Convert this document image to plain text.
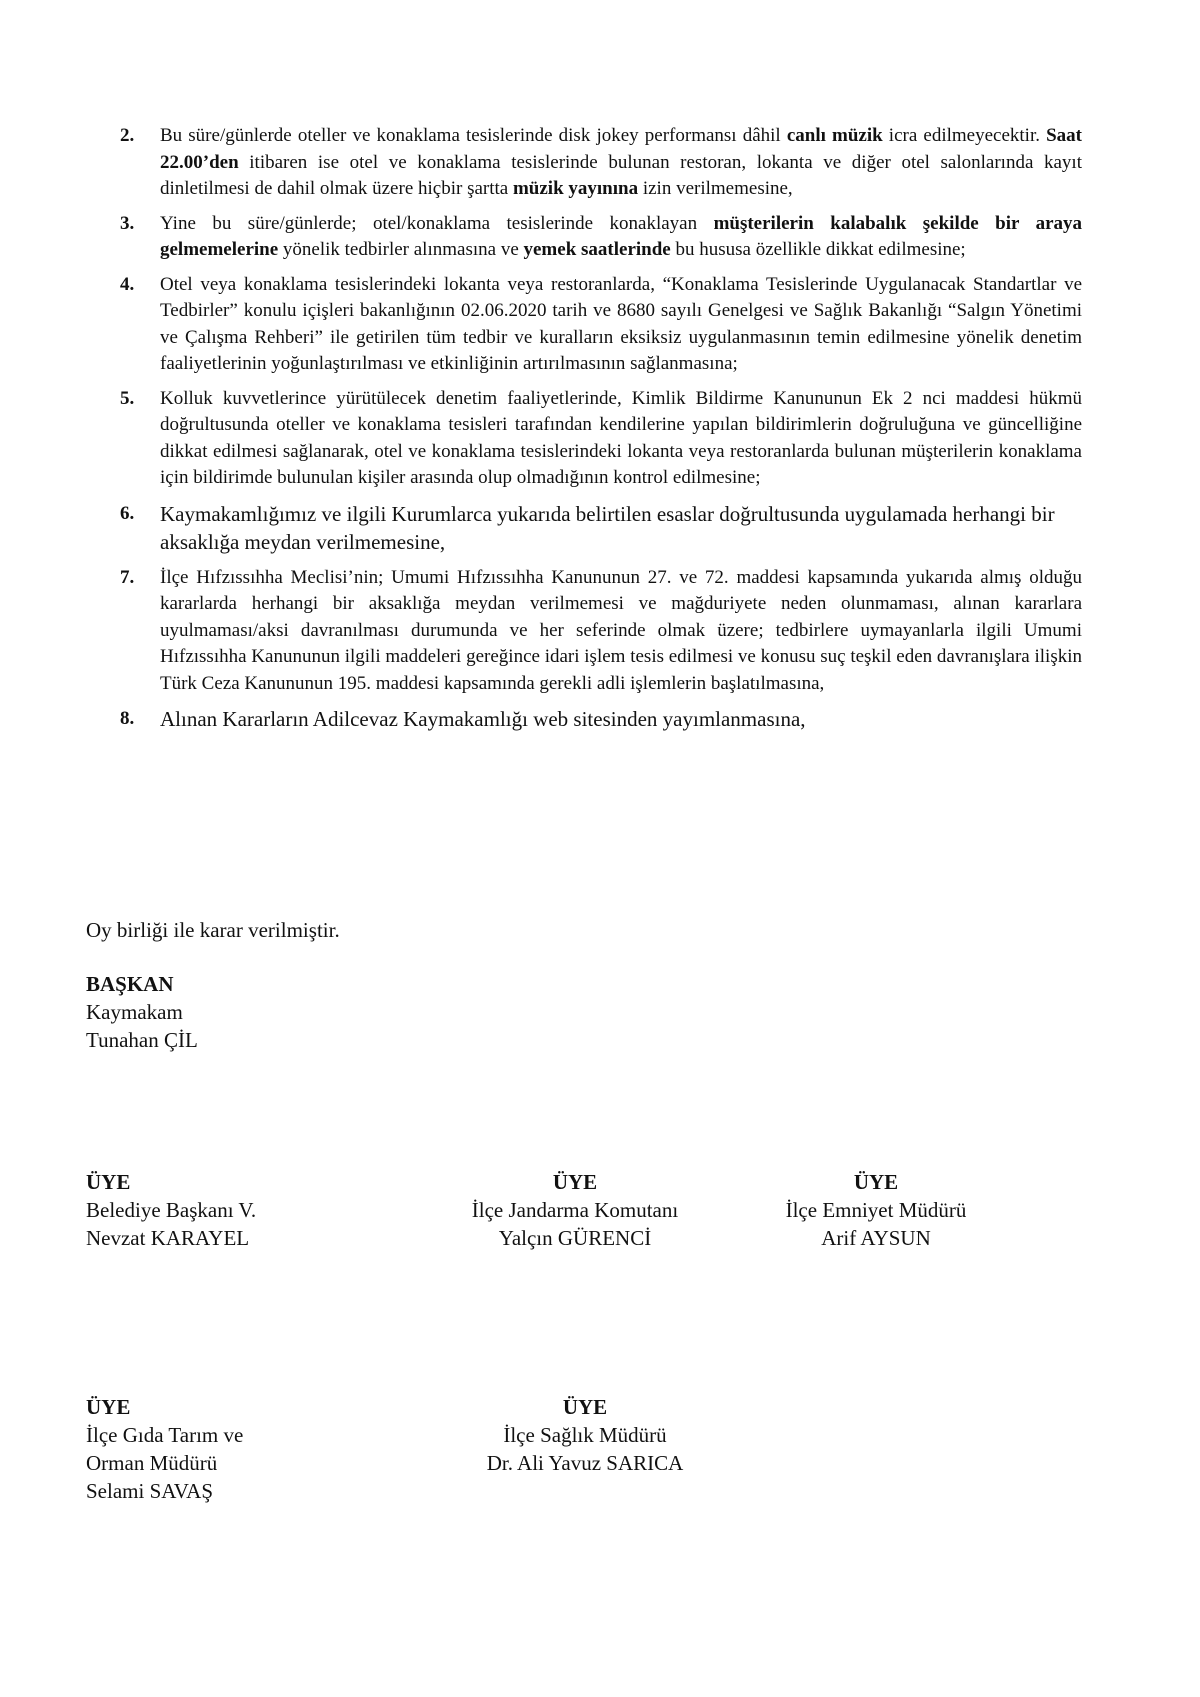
2. Bu süre/günlerde oteller ve konaklama tesislerinde disk jokey performansı dâhil canlı müzik icra edilmeyecektir. Saat 22.00’den itibaren ise otel ve konaklama tesislerinde bulunan restoran, lokanta ve diğer otel salonlarında kayıt dinletilmesi de dahil olmak üzere hiçbir şartta müzik yayınına izin verilmemesine,
3. Yine bu süre/günlerde; otel/konaklama tesislerinde konaklayan müşterilerin kalabalık şekilde bir araya gelmemelerine yönelik tedbirler alınmasına ve yemek saatlerinde bu hususa özellikle dikkat edilmesine;
4. Otel veya konaklama tesislerindeki lokanta veya restoranlarda, “Konaklama Tesislerinde Uygulanacak Standartlar ve Tedbirler” konulu içişleri bakanlığının 02.06.2020 tarih ve 8680 sayılı Genelgesi ve Sağlık Bakanlığı “Salgın Yönetimi ve Çalışma Rehberi” ile getirilen tüm tedbir ve kuralların eksiksiz uygulanmasının temin edilmesine yönelik denetim faaliyetlerinin yoğunlaştırılması ve etkinliğinin artırılmasının sağlanmasına;
5. Kolluk kuvvetlerince yürütülecek denetim faaliyetlerinde, Kimlik Bildirme Kanununun Ek 2 nci maddesi hükmü doğrultusunda oteller ve konaklama tesisleri tarafından kendilerine yapılan bildirimlerin doğruluğuna ve güncelliğine dikkat edilmesi sağlanarak, otel ve konaklama tesislerindeki lokanta veya restoranlarda bulunan müşterilerin konaklama için bildirimde bulunulan kişiler arasında olup olmadığının kontrol edilmesine;
6. Kaymakamlığımız ve ilgili Kurumlarca yukarıda belirtilen esaslar doğrultusunda uygulamada herhangi bir aksaklığa meydan verilmemesine,
7. İlçe Hıfzıssıhha Meclisi’nin; Umumi Hıfzıssıhha Kanununun 27. ve 72. maddesi kapsamında yukarıda almış olduğu kararlarda herhangi bir aksaklığa meydan verilmemesi ve mağduriyete neden olunmaması, alınan kararlara uyulmaması/aksi davranılması durumunda ve her seferinde olmak üzere; tedbirlere uymayanlarla ilgili Umumi Hıfzıssıhha Kanununun ilgili maddeleri gereğince idari işlem tesis edilmesi ve konusu suç teşkil eden davranışlara ilişkin Türk Ceza Kanununun 195. maddesi kapsamında gerekli adli işlemlerin başlatılmasına,
8. Alınan Kararların Adilcevaz Kaymakamlığı web sitesinden yayımlanmasına,
Oy birliği ile karar verilmiştir.
BAŞKAN
Kaymakam
Tunahan ÇİL
ÜYE
Belediye Başkanı V.
Nevzat KARAYEL
ÜYE
İlçe Jandarma Komutanı
Yalçın GÜRENCİ
ÜYE
İlçe Emniyet Müdürü
Arif AYSUN
ÜYE
İlçe Gıda Tarım ve
Orman Müdürü
Selami SAVAŞ
ÜYE
İlçe Sağlık Müdürü
Dr. Ali Yavuz SARICA
